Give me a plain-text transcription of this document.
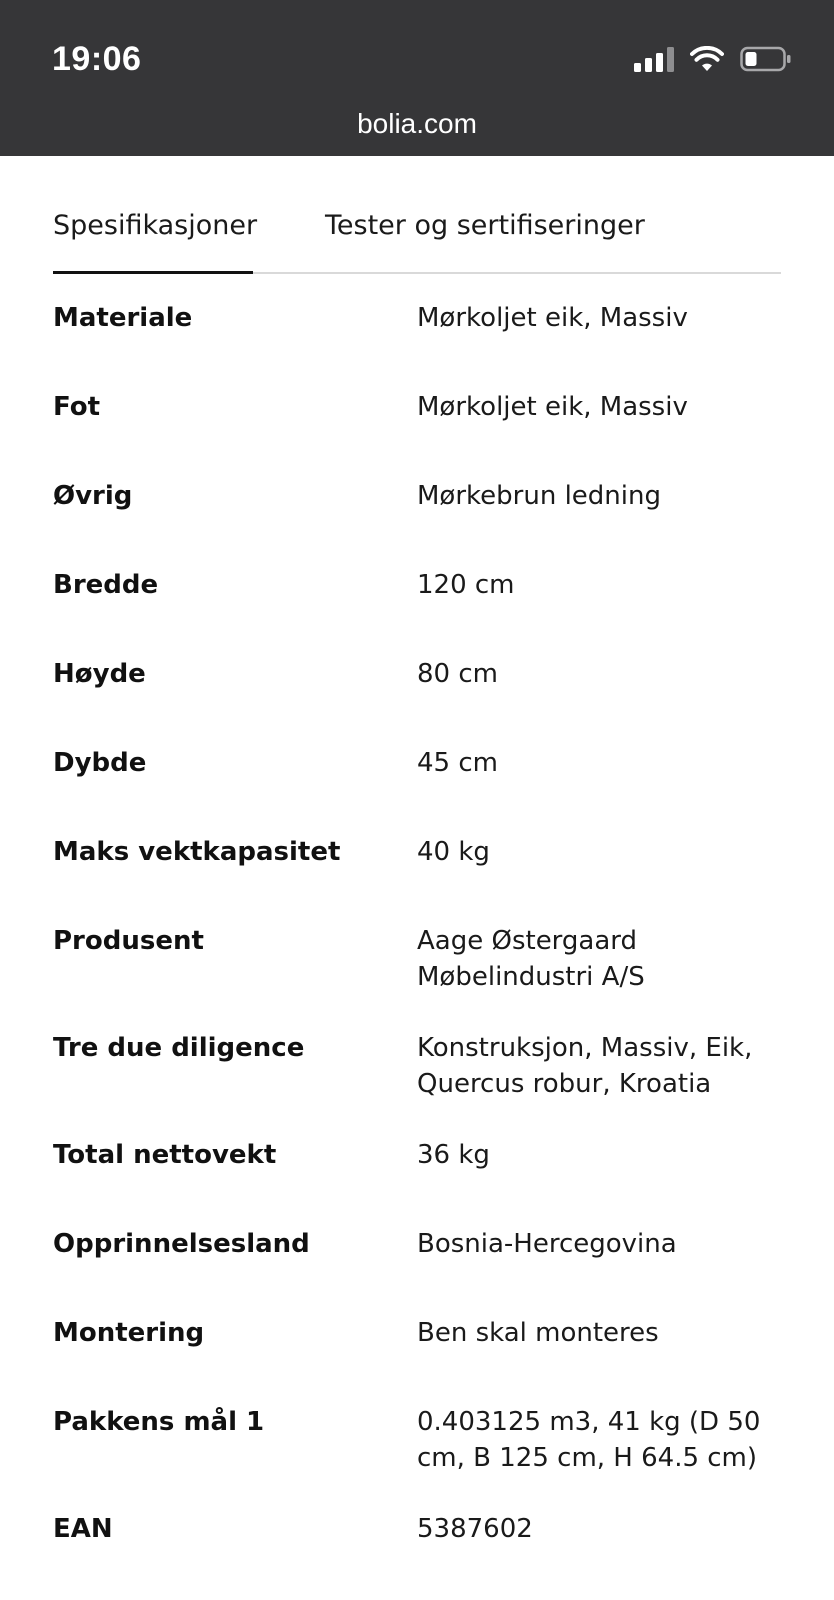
19:06
bolia.com
Spesifikasjoner	Tester og sertifiseringer
Materiale	Mørkoljet eik, Massiv
Fot	Mørkoljet eik, Massiv
Øvrig	Mørkebrun ledning
Bredde	120 cm
Høyde	80 cm
Dybde	45 cm
Maks vektkapasitet	40 kg
Produsent	Aage Østergaard Møbelindustri A/S
Tre due diligence	Konstruksjon, Massiv, Eik, Quercus robur, Kroatia
Total nettovekt	36 kg
Opprinnelsesland	Bosnia-Hercegovina
Montering	Ben skal monteres
Pakkens mål 1	0.403125 m3, 41 kg (D 50 cm, B 125 cm, H 64.5 cm)
EAN	5387602
